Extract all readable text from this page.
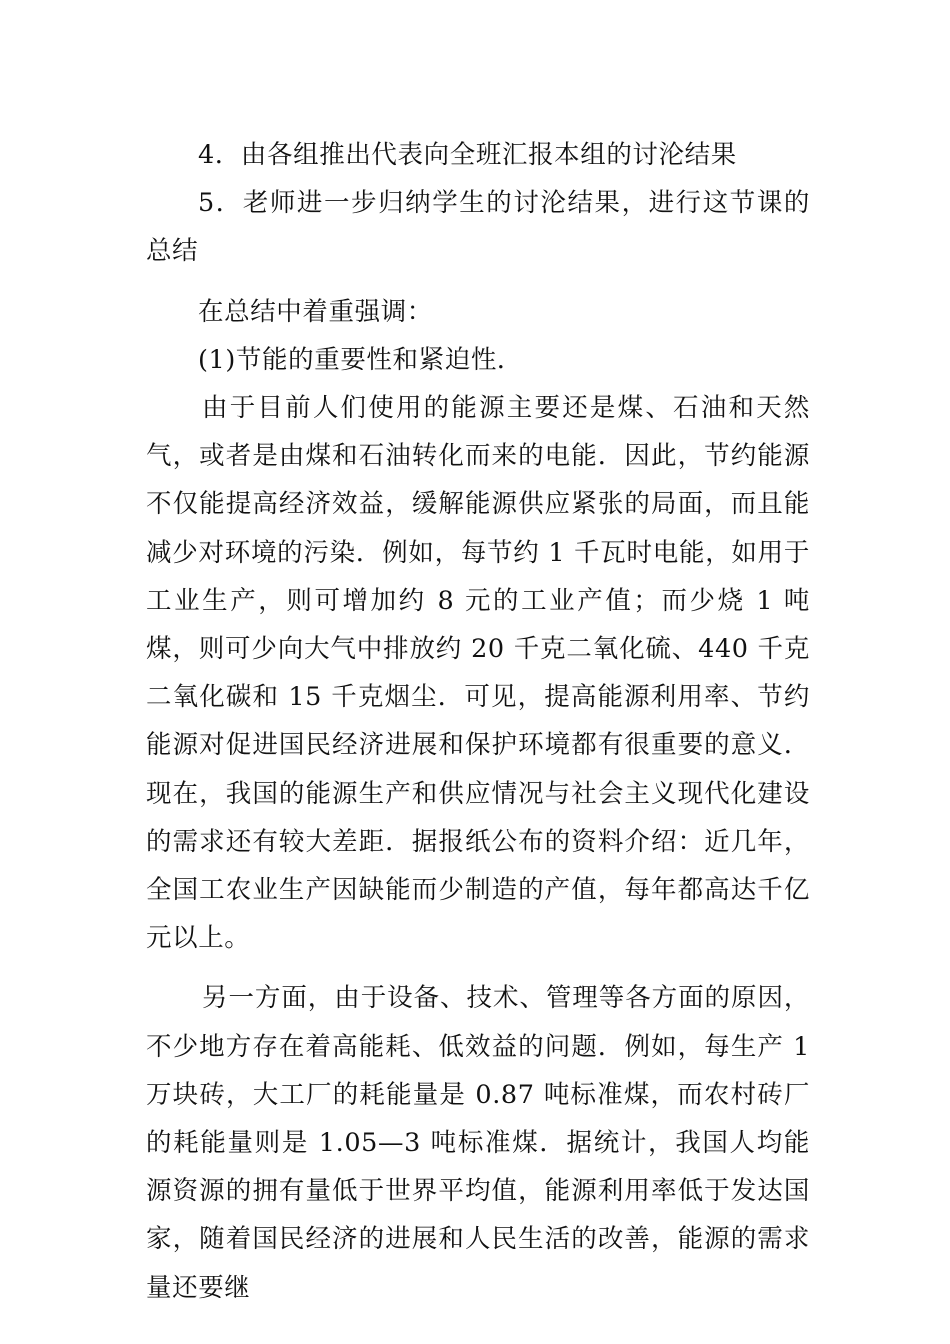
4．由各组推出代表向全班汇报本组的讨沦结果

5．老师进一步归纳学生的讨沦结果，进行这节课的总结

在总结中着重强调：

(1)节能的重要性和紧迫性．

由于目前人们使用的能源主要还是煤、石油和天然气，或者是由煤和石油转化而来的电能．因此，节约能源不仅能提高经济效益，缓解能源供应紧张的局面，而且能减少对环境的污染．例如，每节约 1 千瓦时电能，如用于工业生产，则可增加约 8 元的工业产值；而少烧 1 吨煤，则可少向大气中排放约 20 千克二氧化硫、440 千克二氧化碳和 15 千克烟尘．可见，提高能源利用率、节约能源对促进国民经济进展和保护环境都有很重要的意义． 现在，我国的能源生产和供应情况与社会主义现代化建设的需求还有较大差距．据报纸公布的资料介绍：近几年，全国工农业生产因缺能而少制造的产值，每年都高达千亿元以上。

另一方面，由于设备、技术、管理等各方面的原因，不少地方存在着高能耗、低效益的问题．例如，每生产 1 万块砖，大工厂的耗能量是 0.87 吨标准煤，而农村砖厂的耗能量则是 1.05—3 吨标准煤．据统计，我国人均能源资源的拥有量低于世界平均值，能源利用率低于发达国家，随着国民经济的进展和人民生活的改善，能源的需求量还要继
